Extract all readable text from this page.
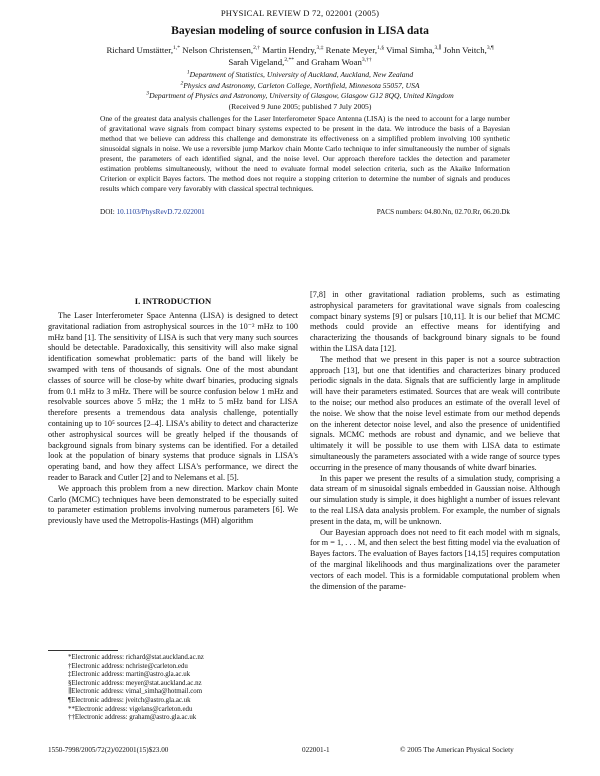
PHYSICAL REVIEW D 72, 022001 (2005)
Bayesian modeling of source confusion in LISA data
Richard Umstätter,$^{1,*}$ Nelson Christensen,$^{2,\dagger}$ Martin Hendry,$^{3,\ddagger}$ Renate Meyer,$^{1,\S}$ Vimal Simha,$^{3,\parallel}$ John Veitch,$^{3,\P}$
Sarah Vigeland,$^{2,**}$ and Graham Woan$^{3,\dagger\dagger}$
$^1$Department of Statistics, University of Auckland, Auckland, New Zealand
$^2$Physics and Astronomy, Carleton College, Northfield, Minnesota 55057, USA
$^3$Department of Physics and Astronomy, University of Glasgow, Glasgow G12 8QQ, United Kingdom
(Received 9 June 2005; published 7 July 2005)
One of the greatest data analysis challenges for the Laser Interferometer Space Antenna (LISA) is the need to account for a large number of gravitational wave signals from compact binary systems expected to be present in the data. We introduce the basis of a Bayesian method that we believe can address this challenge and demonstrate its effectiveness on a simplified problem involving 100 synthetic sinusoidal signals in noise. We use a reversible jump Markov chain Monte Carlo technique to infer simultaneously the number of signals present, the parameters of each identified signal, and the noise level. Our approach therefore tackles the detection and parameter estimation problems simultaneously, without the need to evaluate formal model selection criteria, such as the Akaike Information Criterion or explicit Bayes factors. The method does not require a stopping criterion to determine the number of signals and produces results which compare very favorably with classical spectral techniques.
DOI: 10.1103/PhysRevD.72.022001	PACS numbers: 04.80.Nn, 02.70.Rr, 06.20.Dk
I. INTRODUCTION

The Laser Interferometer Space Antenna (LISA) is designed to detect gravitational radiation from astrophysical sources in the 10⁻² mHz to 100 mHz band [1]. The sensitivity of LISA is such that very many such sources should be detectable. Paradoxically, this sensitivity will also make signal identification somewhat problematic: parts of the band will likely be swamped with tens of thousands of signals. One of the most abundant classes of source will be close-by white dwarf binaries, producing signals from 0.1 mHz to 3 mHz. There will be source confusion below 1 mHz and resolvable sources above 5 mHz; the 1 mHz to 5 mHz band for LISA therefore presents a tremendous data analysis challenge, potentially containing up to 10⁵ sources [2–4]. LISA's ability to detect and characterize other astrophysical sources will be greatly helped if the thousands of background signals from binary systems can be identified. For a detailed look at the population of binary systems that produce signals in LISA's operating band, and how they affect LISA's performance, we direct the reader to Barack and Cutler [2] and to Nelemans et al. [5].

We approach this problem from a new direction. Markov chain Monte Carlo (MCMC) techniques have been demonstrated to be especially suited to parameter estimation problems involving numerous parameters [6]. We previously have used the Metropolis-Hastings (MH) algorithm

*Electronic address: richard@stat.auckland.ac.nz
†Electronic address: nchriste@carleton.edu
‡Electronic address: martin@astro.gla.ac.uk
§Electronic address: meyer@stat.auckland.ac.nz
∥Electronic address: vimal_simha@hotmail.com
¶Electronic address: jveitch@astro.gla.ac.uk
**Electronic address: vigelans@carleton.edu
††Electronic address: graham@astro.gla.ac.uk

[7,8] in other gravitational radiation problems, such as estimating astrophysical parameters for gravitational wave signals from coalescing compact binary systems [9] or pulsars [10,11]. It is our belief that MCMC methods could provide an effective means for identifying and characterizing the thousands of background binary signals to be found within the LISA data [12].

The method that we present in this paper is not a source subtraction approach [13], but one that identifies and characterizes binary produced periodic signals in the data. Signals that are sufficiently large in amplitude will have their parameters estimated. Sources that are weak will contribute to the noise; our method also produces an estimate of the overall level of the noise. We show that the noise level estimate from our method depends on the inherent detector noise level, and also the presence of unidentified signals. MCMC methods are robust and dynamic, and we believe that ultimately it will be possible to use them with LISA data to estimate simultaneously the parameters associated with a wide range of source types occurring in the presence of many thousands of white dwarf binaries.

In this paper we present the results of a simulation study, comprising a data stream of m sinusoidal signals embedded in Gaussian noise. Although our simulation study is simple, it does highlight a number of issues relevant to the real LISA data analysis problem. For example, the number of signals present in the data, m, will be unknown.

Our Bayesian approach does not need to fit each model with m signals, for m = 1, . . . M, and then select the best fitting model via the evaluation of Bayes factors. The evaluation of Bayes factors [14,15] requires computation of the marginal likelihoods and thus marginalizations over the parameter vectors of each model. This is a formidable computational problem when the dimension of the parame-

1550-7998/2005/72(2)/022001(15)$23.00	022001-1	© 2005 The American Physical Society
